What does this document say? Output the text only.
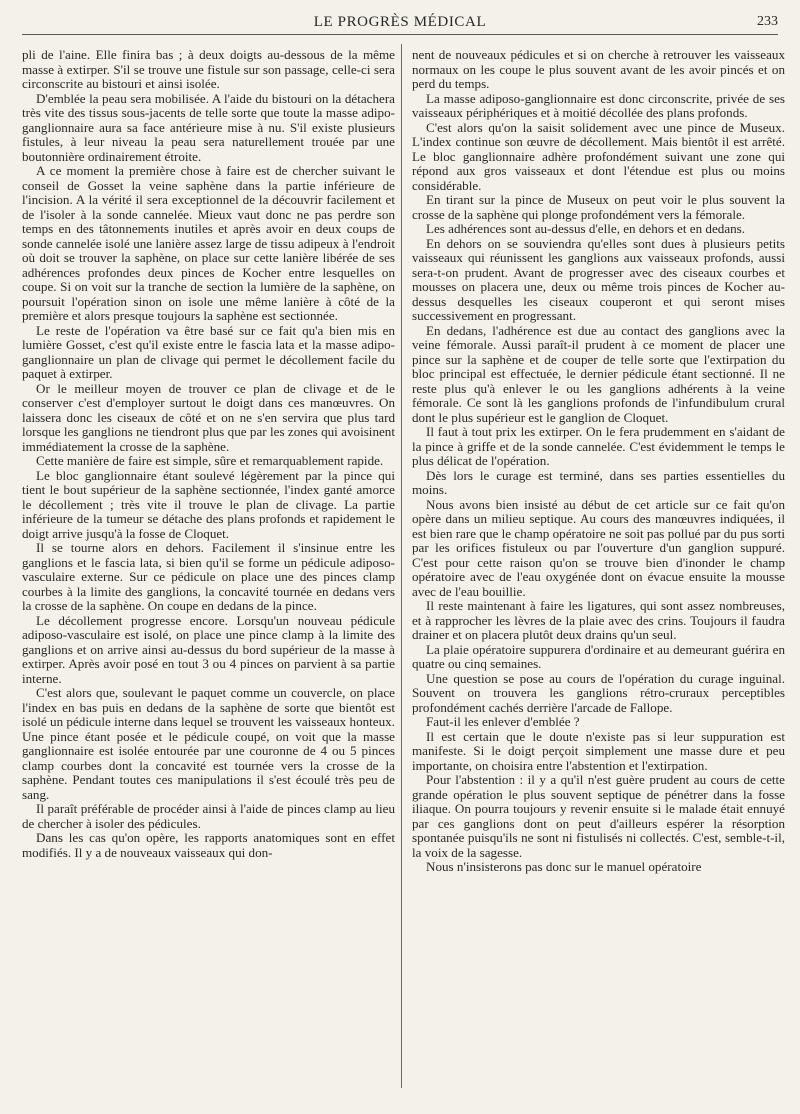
LE PROGRÈS MÉDICAL	233

pli de l'aine. Elle finira bas ; à deux doigts au-dessous de la même masse à extirper. S'il se trouve une fistule sur son passage, celle-ci sera circonscrite au bistouri et ainsi isolée.

D'emblée la peau sera mobilisée. A l'aide du bistouri on la détachera très vite des tissus sous-jacents de telle sorte que toute la masse adipo-ganglionnaire aura sa face antérieure mise à nu. S'il existe plusieurs fistules, à leur niveau la peau sera naturellement trouée par une boutonnière ordinairement étroite.

A ce moment la première chose à faire est de chercher suivant le conseil de Gosset la veine saphène dans la partie inférieure de l'incision. A la vérité il sera exceptionnel de la découvrir facilement et de l'isoler à la sonde cannelée. Mieux vaut donc ne pas perdre son temps en des tâtonnements inutiles et après avoir en deux coups de sonde cannelée isolé une lanière assez large de tissu adipeux à l'endroit où doit se trouver la saphène, on place sur cette lanière libérée de ses adhérences profondes deux pinces de Kocher entre lesquelles on coupe. Si on voit sur la tranche de section la lumière de la saphène, on poursuit l'opération sinon on isole une même lanière à côté de la première et alors presque toujours la saphène est sectionnée.

Le reste de l'opération va être basé sur ce fait qu'a bien mis en lumière Gosset, c'est qu'il existe entre le fascia lata et la masse adipo-ganglionnaire un plan de clivage qui permet le décollement facile du paquet à extirper.

Or le meilleur moyen de trouver ce plan de clivage et de le conserver c'est d'employer surtout le doigt dans ces manœuvres. On laissera donc les ciseaux de côté et on ne s'en servira que plus tard lorsque les ganglions ne tiendront plus que par les zones qui avoisinent immédiatement la crosse de la saphène.

Cette manière de faire est simple, sûre et remarquablement rapide.

Le bloc ganglionnaire étant soulevé légèrement par la pince qui tient le bout supérieur de la saphène sectionnée, l'index ganté amorce le décollement ; très vite il trouve le plan de clivage. La partie inférieure de la tumeur se détache des plans profonds et rapidement le doigt arrive jusqu'à la fosse de Cloquet.

Il se tourne alors en dehors. Facilement il s'insinue entre les ganglions et le fascia lata, si bien qu'il se forme un pédicule adiposo-vasculaire externe. Sur ce pédicule on place une des pinces clamp courbes à la limite des ganglions, la concavité tournée en dedans vers la crosse de la saphène. On coupe en dedans de la pince.

Le décollement progresse encore. Lorsqu'un nouveau pédicule adiposo-vasculaire est isolé, on place une pince clamp à la limite des ganglions et on arrive ainsi au-dessus du bord supérieur de la masse à extirper. Après avoir posé en tout 3 ou 4 pinces on parvient à sa partie interne.

C'est alors que, soulevant le paquet comme un couvercle, on place l'index en bas puis en dedans de la saphène de sorte que bientôt est isolé un pédicule interne dans lequel se trouvent les vaisseaux honteux. Une pince étant posée et le pédicule coupé, on voit que la masse ganglionnaire est isolée entourée par une couronne de 4 ou 5 pinces clamp courbes dont la concavité est tournée vers la crosse de la saphène. Pendant toutes ces manipulations il s'est écoulé très peu de sang.

Il paraît préférable de procéder ainsi à l'aide de pinces clamp au lieu de chercher à isoler des pédicules.

Dans les cas qu'on opère, les rapports anatomiques sont en effet modifiés. Il y a de nouveaux vaisseaux qui don-

nent de nouveaux pédicules et si on cherche à retrouver les vaisseaux normaux on les coupe le plus souvent avant de les avoir pincés et on perd du temps.

La masse adiposo-ganglionnaire est donc circonscrite, privée de ses vaisseaux périphériques et à moitié décollée des plans profonds.

C'est alors qu'on la saisit solidement avec une pince de Museux. L'index continue son œuvre de décollement. Mais bientôt il est arrêté. Le bloc ganglionnaire adhère profondément suivant une zone qui répond aux gros vaisseaux et dont l'étendue est plus ou moins considérable.

En tirant sur la pince de Museux on peut voir le plus souvent la crosse de la saphène qui plonge profondément vers la fémorale.

Les adhérences sont au-dessus d'elle, en dehors et en dedans.

En dehors on se souviendra qu'elles sont dues à plusieurs petits vaisseaux qui réunissent les ganglions aux vaisseaux profonds, aussi sera-t-on prudent. Avant de progresser avec des ciseaux courbes et mousses on placera une, deux ou même trois pinces de Kocher au-dessus desquelles les ciseaux couperont et qui seront mises successivement en progressant.

En dedans, l'adhérence est due au contact des ganglions avec la veine fémorale. Aussi paraît-il prudent à ce moment de placer une pince sur la saphène et de couper de telle sorte que l'extirpation du bloc principal est effectuée, le dernier pédicule étant sectionné. Il ne reste plus qu'à enlever le ou les ganglions adhérents à la veine fémorale. Ce sont là les ganglions profonds de l'infundibulum crural dont le plus supérieur est le ganglion de Cloquet.

Il faut à tout prix les extirper. On le fera prudemment en s'aidant de la pince à griffe et de la sonde cannelée. C'est évidemment le temps le plus délicat de l'opération.

Dès lors le curage est terminé, dans ses parties essentielles du moins.

Nous avons bien insisté au début de cet article sur ce fait qu'on opère dans un milieu septique. Au cours des manœuvres indiquées, il est bien rare que le champ opératoire ne soit pas pollué par du pus sorti par les orifices fistuleux ou par l'ouverture d'un ganglion suppuré. C'est pour cette raison qu'on se trouve bien d'inonder le champ opératoire avec de l'eau oxygénée dont on évacue ensuite la mousse avec de l'eau bouillie.

Il reste maintenant à faire les ligatures, qui sont assez nombreuses, et à rapprocher les lèvres de la plaie avec des crins. Toujours il faudra drainer et on placera plutôt deux drains qu'un seul.

La plaie opératoire suppurera d'ordinaire et au demeurant guérira en quatre ou cinq semaines.

Une question se pose au cours de l'opération du curage inguinal. Souvent on trouvera les ganglions rétro-cruraux perceptibles profondément cachés derrière l'arcade de Fallope.

Faut-il les enlever d'emblée ?

Il est certain que le doute n'existe pas si leur suppuration est manifeste. Si le doigt perçoit simplement une masse dure et peu importante, on choisira entre l'abstention et l'extirpation.

Pour l'abstention : il y a qu'il n'est guère prudent au cours de cette grande opération le plus souvent septique de pénétrer dans la fosse iliaque. On pourra toujours y revenir ensuite si le malade était ennuyé par ces ganglions dont on peut d'ailleurs espérer la résorption spontanée puisqu'ils ne sont ni fistulisés ni collectés. C'est, semble-t-il, la voix de la sagesse.

Nous n'insisterons pas donc sur le manuel opératoire
